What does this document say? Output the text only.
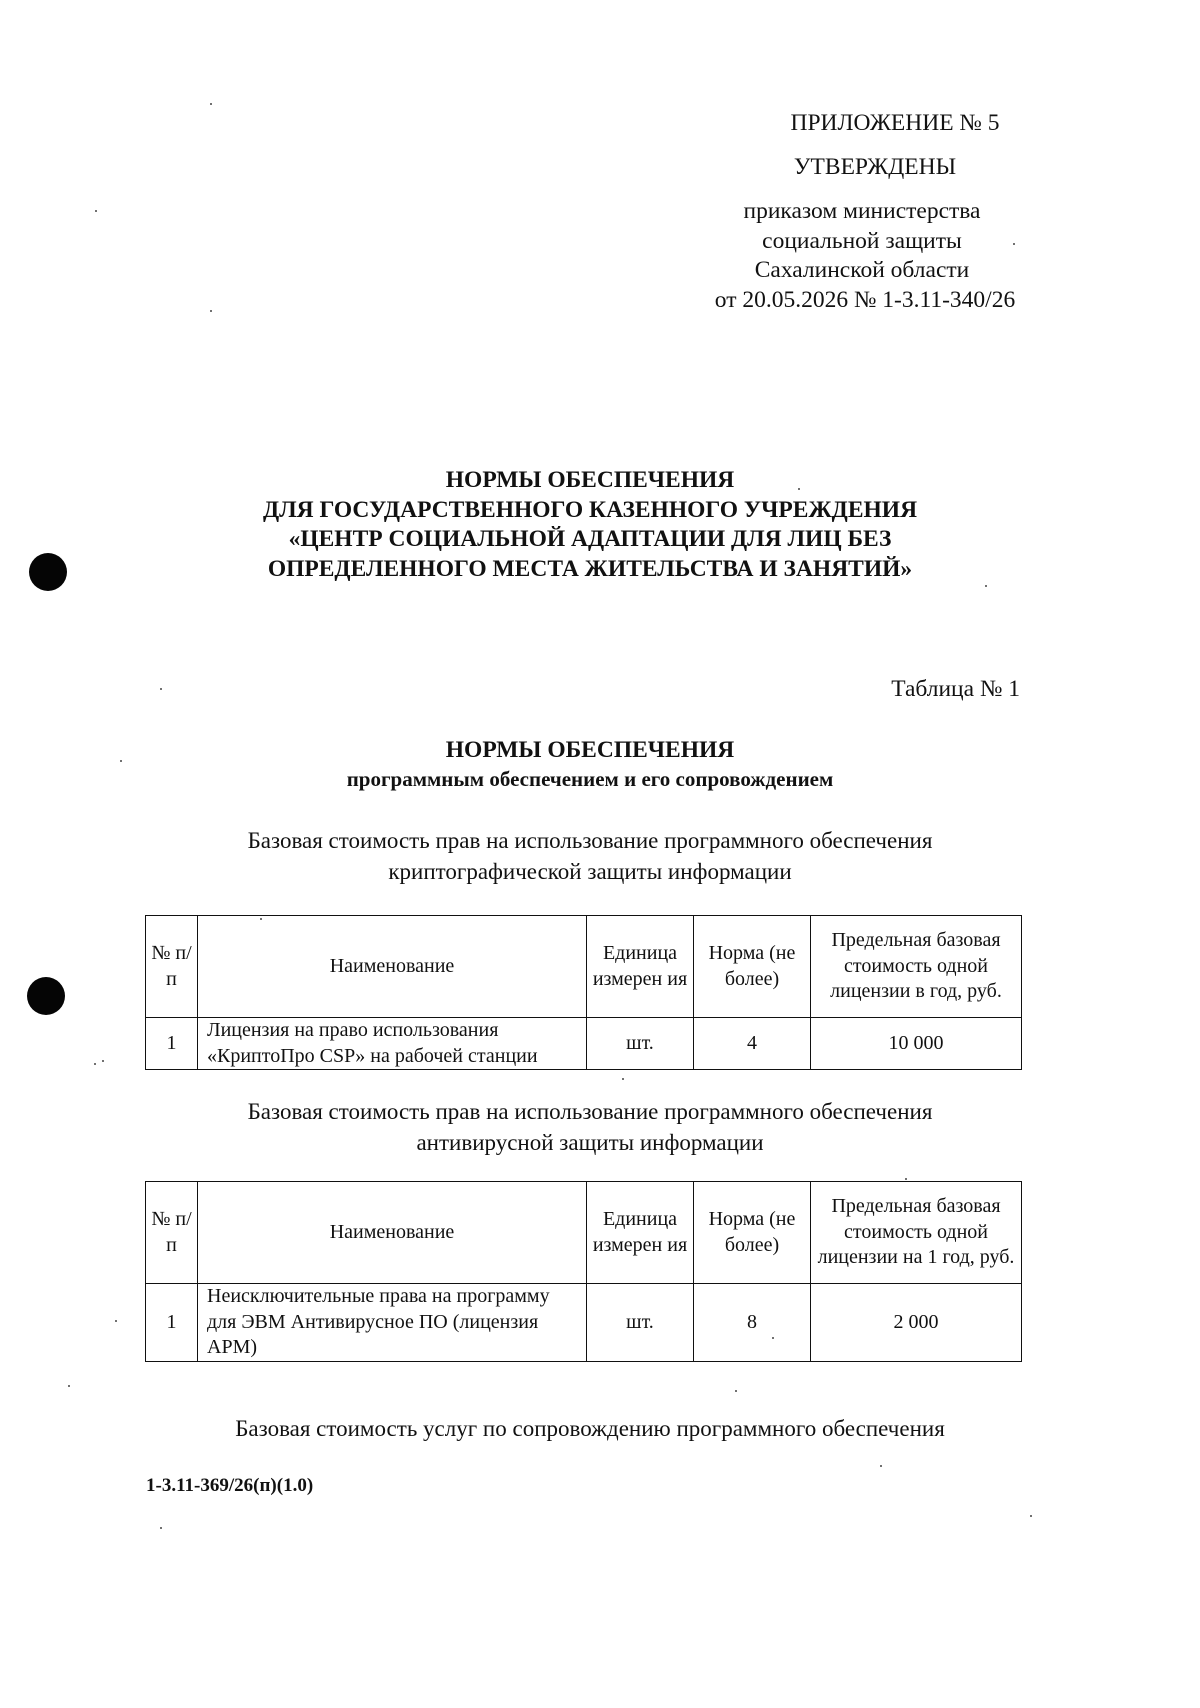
ПРИЛОЖЕНИЕ № 5
УТВЕРЖДЕНЫ
приказом министерства
социальной защиты
Сахалинской области
от 20.05.2026 № 1-3.11-340/26
НОРМЫ ОБЕСПЕЧЕНИЯ
ДЛЯ ГОСУДАРСТВЕННОГО КАЗЕННОГО УЧРЕЖДЕНИЯ
«ЦЕНТР СОЦИАЛЬНОЙ АДАПТАЦИИ ДЛЯ ЛИЦ БЕЗ
ОПРЕДЕЛЕННОГО МЕСТА ЖИТЕЛЬСТВА И ЗАНЯТИЙ»
Таблица № 1
НОРМЫ ОБЕСПЕЧЕНИЯ
программным обеспечением и его сопровождением
Базовая стоимость прав на использование программного обеспечения
криптографической защиты информации
№ п/п	Наименование	Единица измерен ия	Норма (не более)	Предельная базовая стоимость одной лицензии в год, руб.
1	Лицензия на право использования «КриптоПро CSP» на рабочей станции	шт.	4	10 000
Базовая стоимость прав на использование программного обеспечения
антивирусной защиты информации
№ п/п	Наименование	Единица измерен ия	Норма (не более)	Предельная базовая стоимость одной лицензии на 1 год, руб.
1	Неисключительные права на программу для ЭВМ Антивирусное ПО (лицензия АРМ)	шт.	8	2 000
Базовая стоимость услуг по сопровождению программного обеспечения
1-3.11-369/26(п)(1.0)
